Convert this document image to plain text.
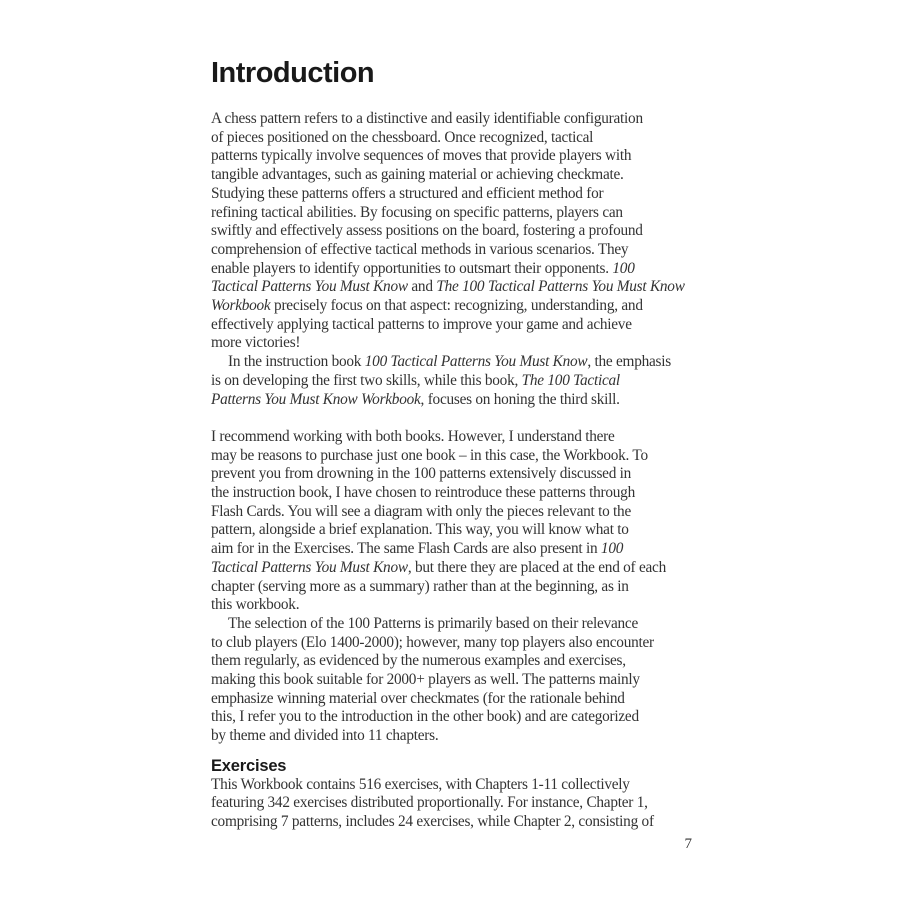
Introduction
A chess pattern refers to a distinctive and easily identifiable configuration
of pieces positioned on the chessboard. Once recognized, tactical
patterns typically involve sequences of moves that provide players with
tangible advantages, such as gaining material or achieving checkmate.
Studying these patterns offers a structured and efficient method for
refining tactical abilities. By focusing on specific patterns, players can
swiftly and effectively assess positions on the board, fostering a profound
comprehension of effective tactical methods in various scenarios. They
enable players to identify opportunities to outsmart their opponents. 100
Tactical Patterns You Must Know and The 100 Tactical Patterns You Must Know
Workbook precisely focus on that aspect: recognizing, understanding, and
effectively applying tactical patterns to improve your game and achieve
more victories!
In the instruction book 100 Tactical Patterns You Must Know, the emphasis
is on developing the first two skills, while this book, The 100 Tactical
Patterns You Must Know Workbook, focuses on honing the third skill.
I recommend working with both books. However, I understand there
may be reasons to purchase just one book – in this case, the Workbook. To
prevent you from drowning in the 100 patterns extensively discussed in
the instruction book, I have chosen to reintroduce these patterns through
Flash Cards. You will see a diagram with only the pieces relevant to the
pattern, alongside a brief explanation. This way, you will know what to
aim for in the Exercises. The same Flash Cards are also present in 100
Tactical Patterns You Must Know, but there they are placed at the end of each
chapter (serving more as a summary) rather than at the beginning, as in
this workbook.
The selection of the 100 Patterns is primarily based on their relevance
to club players (Elo 1400-2000); however, many top players also encounter
them regularly, as evidenced by the numerous examples and exercises,
making this book suitable for 2000+ players as well. The patterns mainly
emphasize winning material over checkmates (for the rationale behind
this, I refer you to the introduction in the other book) and are categorized
by theme and divided into 11 chapters.
Exercises
This Workbook contains 516 exercises, with Chapters 1-11 collectively
featuring 342 exercises distributed proportionally. For instance, Chapter 1,
comprising 7 patterns, includes 24 exercises, while Chapter 2, consisting of
7
